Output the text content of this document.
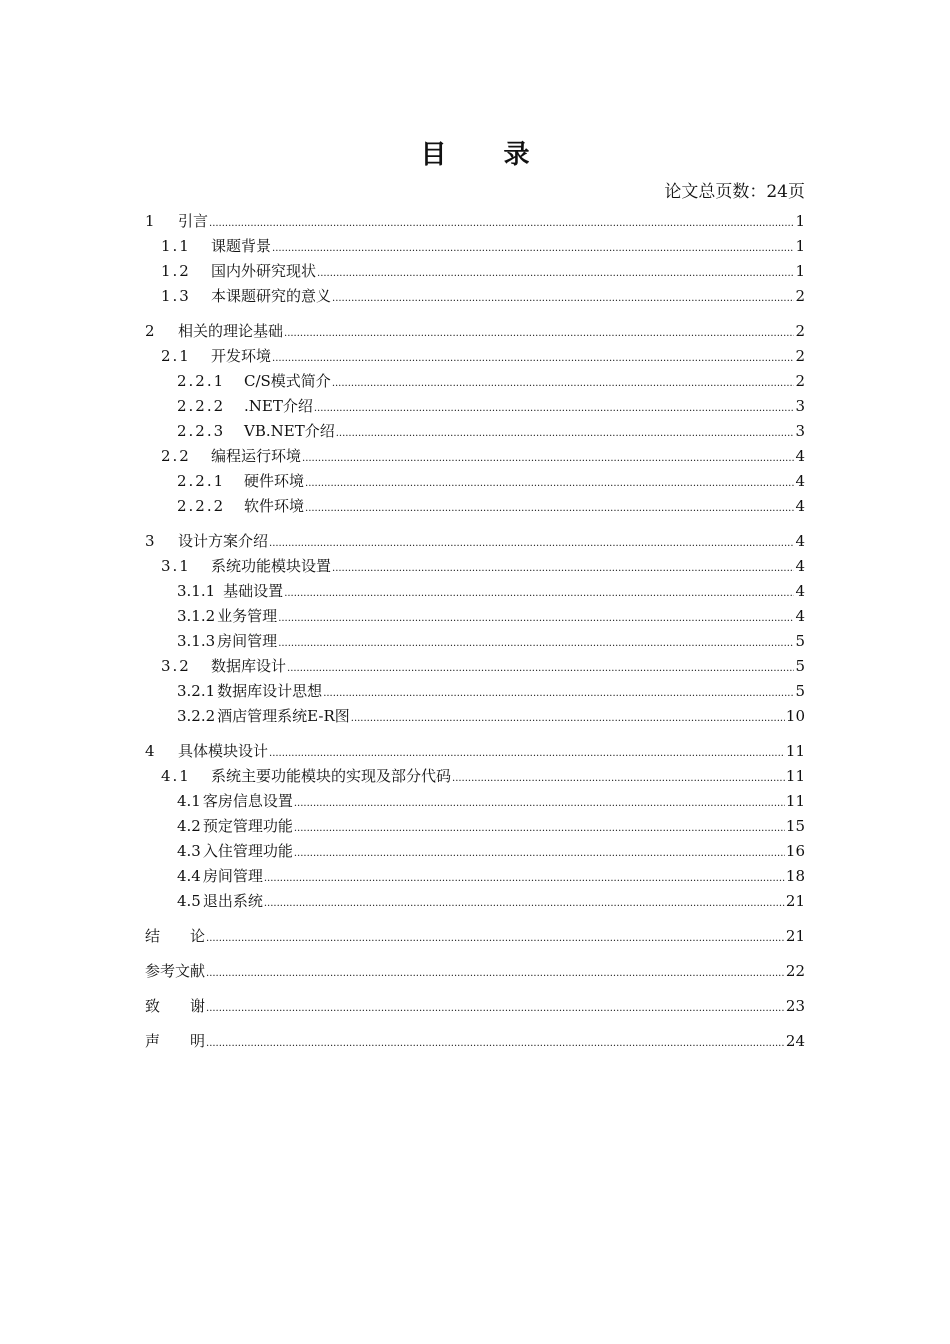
目 录
论文总页数：24页
1	引言 .....	1
1.1	课题背景 .....	1
1.2	国内外研究现状 .....	1
1.3	本课题研究的意义 .....	2
2	相关的理论基础 .....	2
2.1	开发环境 .....	2
2.2.1	C/S模式简介 .....	2
2.2.2	.NET介绍 .....	3
2.2.3	VB.NET介绍 .....	3
2.2	编程运行环境 .....	4
2.2.1	硬件环境 .....	4
2.2.2	软件环境 .....	4
3	设计方案介绍 .....	4
3.1	系统功能模块设置 .....	4
3.1.1 基础设置 .....	4
3.1.2 业务管理 .....	4
3.1.3 房间管理 .....	5
3.2	数据库设计 .....	5
3.2.1 数据库设计思想 .....	5
3.2.2 酒店管理系统E-R图 .....	10
4	具体模块设计 .....	11
4.1	系统主要功能模块的实现及部分代码 .....	11
4.1 客房信息设置 .....	11
4.2 预定管理功能 .....	15
4.3 入住管理功能 .....	16
4.4 房间管理 .....	18
4.5 退出系统 .....	21
结　　论 .....	21
参考文献 .....	22
致　　谢 .....	23
声　　明 .....	24
